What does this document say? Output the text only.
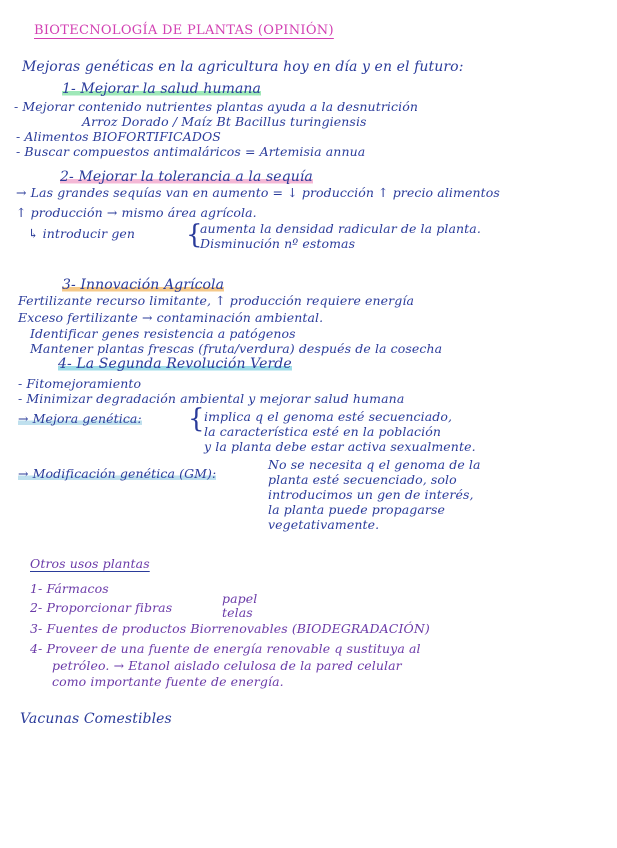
BIOTECNOLOGÍA DE PLANTAS (OPINIÓN)
Mejoras genéticas en la agricultura hoy en día y en el futuro:
1- Mejorar la salud humana
- Mejorar contenido nutrientes plantas ayuda a la desnutrición
Arroz Dorado / Maíz Bt Bacillus turingiensis
- Alimentos BIOFORTIFICADOS
- Buscar compuestos antimaláricos = Artemisia annua
2- Mejorar la tolerancia a la sequía
→ Las grandes sequías van en aumento = ↓ producción ↑ precio alimentos
↑ producción → mismo área agrícola.
↳ introducir gen {
aumenta la densidad radicular de la planta.
Disminución nº estomas
3- Innovación Agrícola
Fertilizante recurso limitante, ↑ producción requiere energía
Exceso fertilizante → contaminación ambiental.
Identificar genes resistencia a patógenos
Mantener plantas frescas (fruta/verdura) después de la cosecha
4- La Segunda Revolución Verde
- Fitomejoramiento
- Minimizar degradación ambiental y mejorar salud humana
→ Mejora genética: { implica q el genoma esté secuenciado,
la característica esté en la población
y la planta debe estar activa sexualmente.
→ Modificación genética (GM):
No se necesita q el genoma de la
planta esté secuenciado, solo
introducimos un gen de interés,
la planta puede propagarse
vegetativamente.
Otros usos plantas
1- Fármacos
2- Proporcionar fibras
papel
telas
3- Fuentes de productos Biorrenovables (BIODEGRADACIÓN)
4- Proveer de una fuente de energía renovable q sustituya al
petróleo. → Etanol aislado celulosa de la pared celular
como importante fuente de energía.
Vacunas Comestibles
